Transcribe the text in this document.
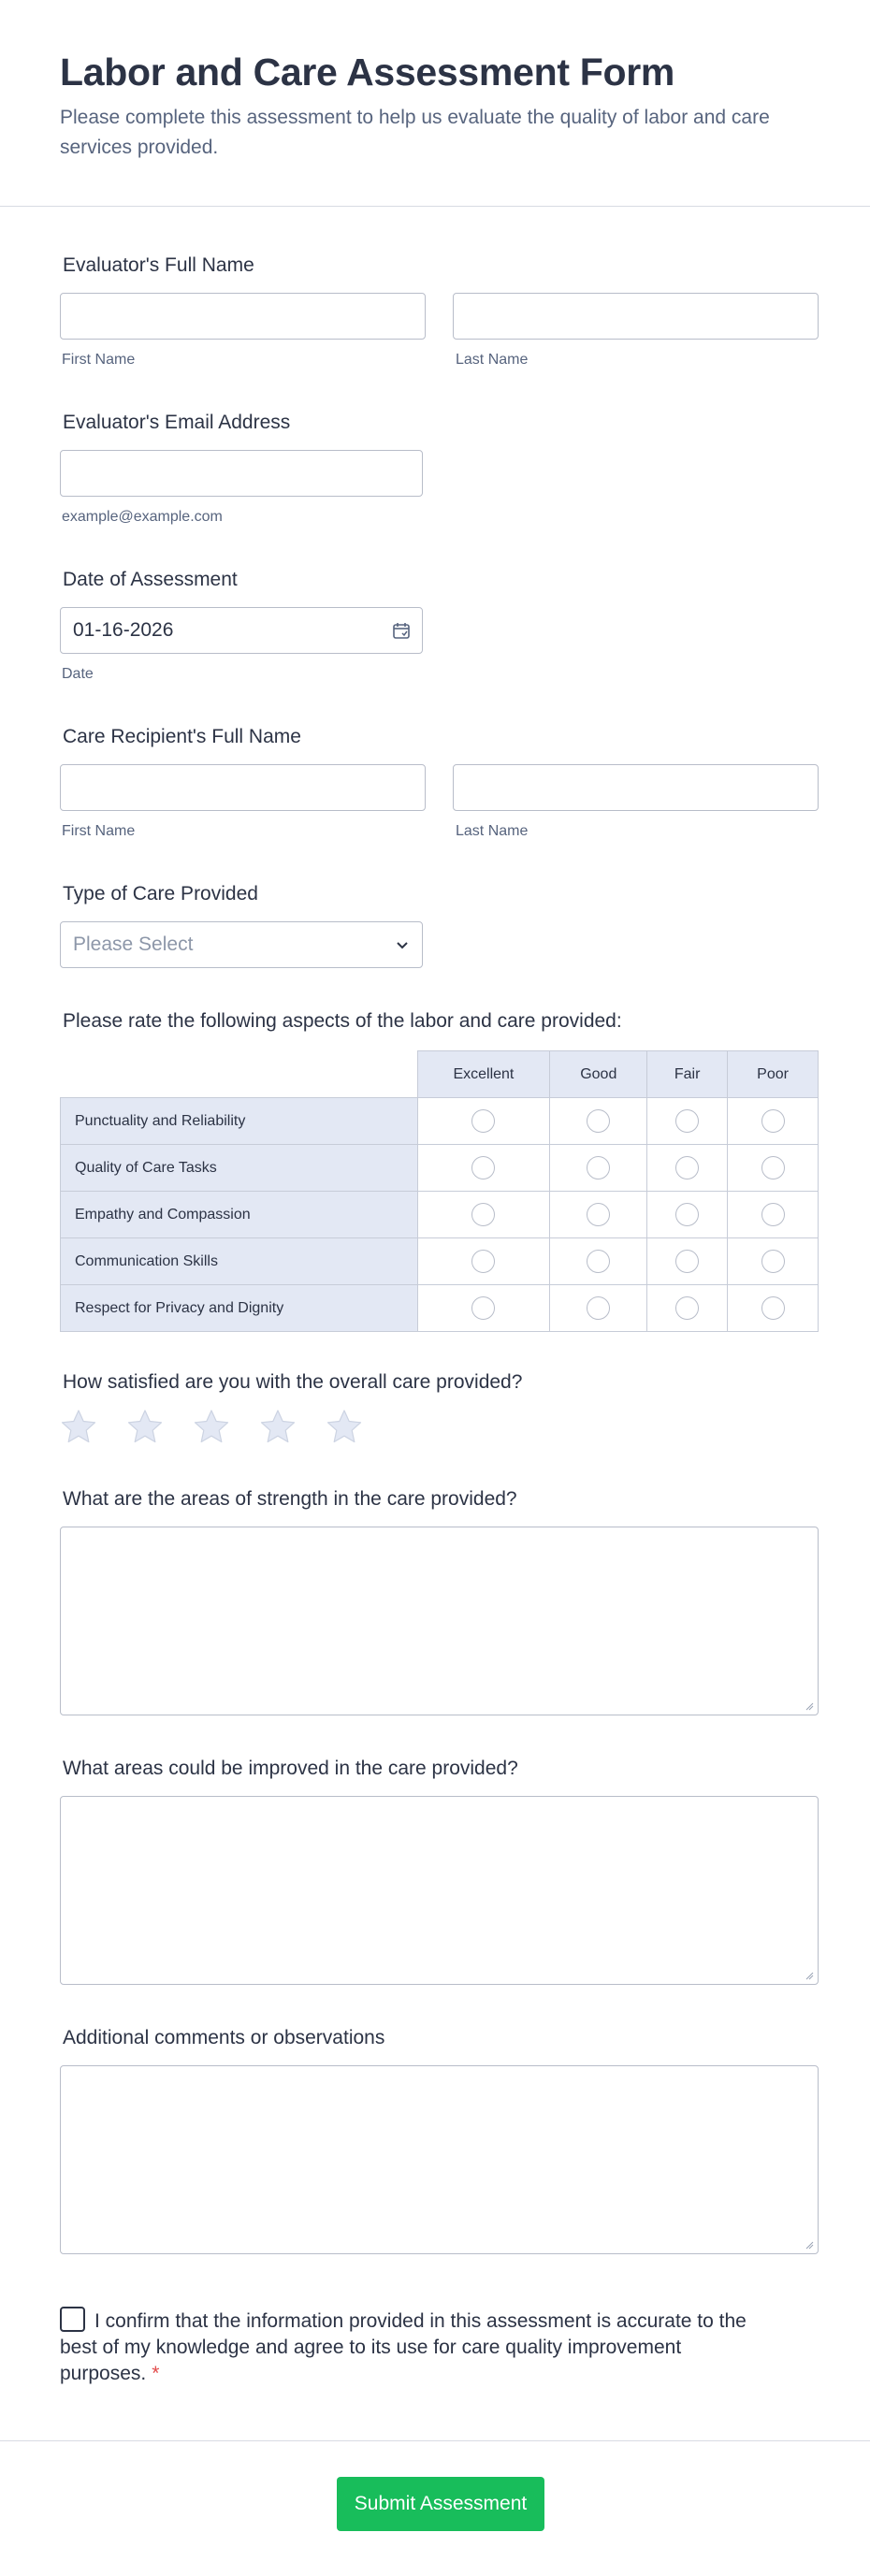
Labor and Care Assessment Form

Please complete this assessment to help us evaluate the quality of labor and care services provided.

Evaluator's Full Name
First Name	Last Name
Evaluator's Email Address
example@example.com
Date of Assessment
01-16-2026
Date
Care Recipient's Full Name
First Name	Last Name
Type of Care Provided
Please Select
Please rate the following aspects of the labor and care provided:
	Excellent	Good	Fair	Poor
Punctuality and Reliability				
Quality of Care Tasks				
Empathy and Compassion				
Communication Skills				
Respect for Privacy and Dignity				
How satisfied are you with the overall care provided?
What are the areas of strength in the care provided?
What areas could be improved in the care provided?
Additional comments or observations
I confirm that the information provided in this assessment is accurate to the best of my knowledge and agree to its use for care quality improvement purposes. *
Submit Assessment
